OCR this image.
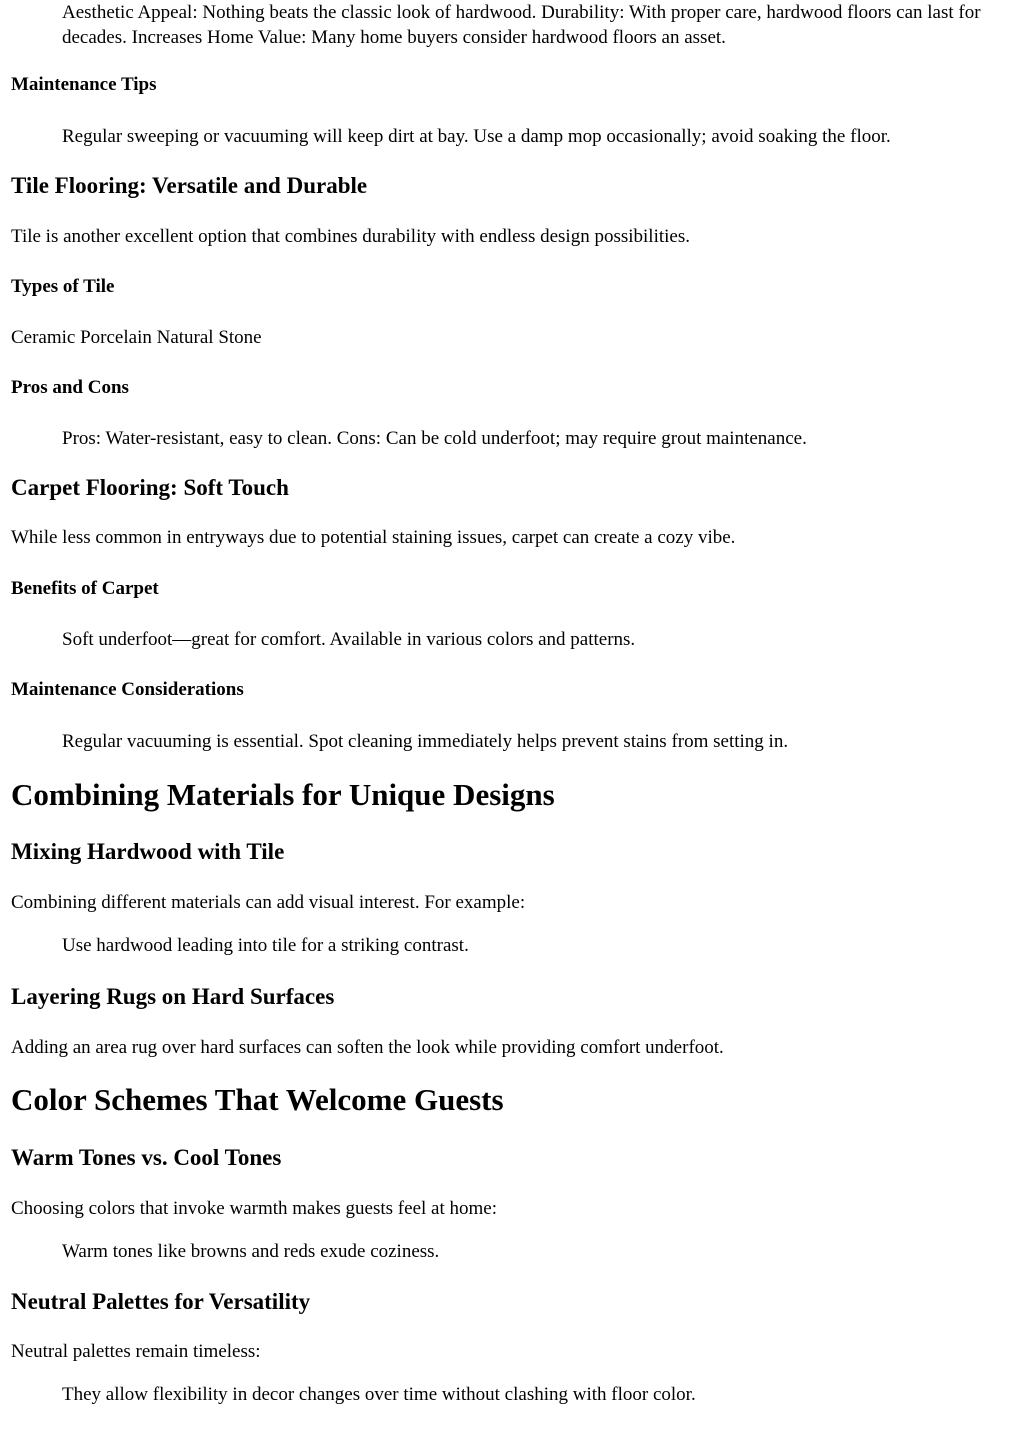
Aesthetic Appeal: Nothing beats the classic look of hardwood. Durability: With proper care, hardwood floors can last for decades. Increases Home Value: Many home buyers consider hardwood floors an asset.

Maintenance Tips

Regular sweeping or vacuuming will keep dirt at bay. Use a damp mop occasionally; avoid soaking the floor.

Tile Flooring: Versatile and Durable

Tile is another excellent option that combines durability with endless design possibilities.

Types of Tile

Ceramic Porcelain Natural Stone

Pros and Cons

Pros: Water-resistant, easy to clean. Cons: Can be cold underfoot; may require grout maintenance.

Carpet Flooring: Soft Touch

While less common in entryways due to potential staining issues, carpet can create a cozy vibe.

Benefits of Carpet

Soft underfoot—great for comfort. Available in various colors and patterns.

Maintenance Considerations

Regular vacuuming is essential. Spot cleaning immediately helps prevent stains from setting in.

Combining Materials for Unique Designs
Mixing Hardwood with Tile

Combining different materials can add visual interest. For example:

Use hardwood leading into tile for a striking contrast.

Layering Rugs on Hard Surfaces

Adding an area rug over hard surfaces can soften the look while providing comfort underfoot.

Color Schemes That Welcome Guests
Warm Tones vs. Cool Tones

Choosing colors that invoke warmth makes guests feel at home:

Warm tones like browns and reds exude coziness.

Neutral Palettes for Versatility

Neutral palettes remain timeless:

They allow flexibility in decor changes over time without clashing with floor color.
